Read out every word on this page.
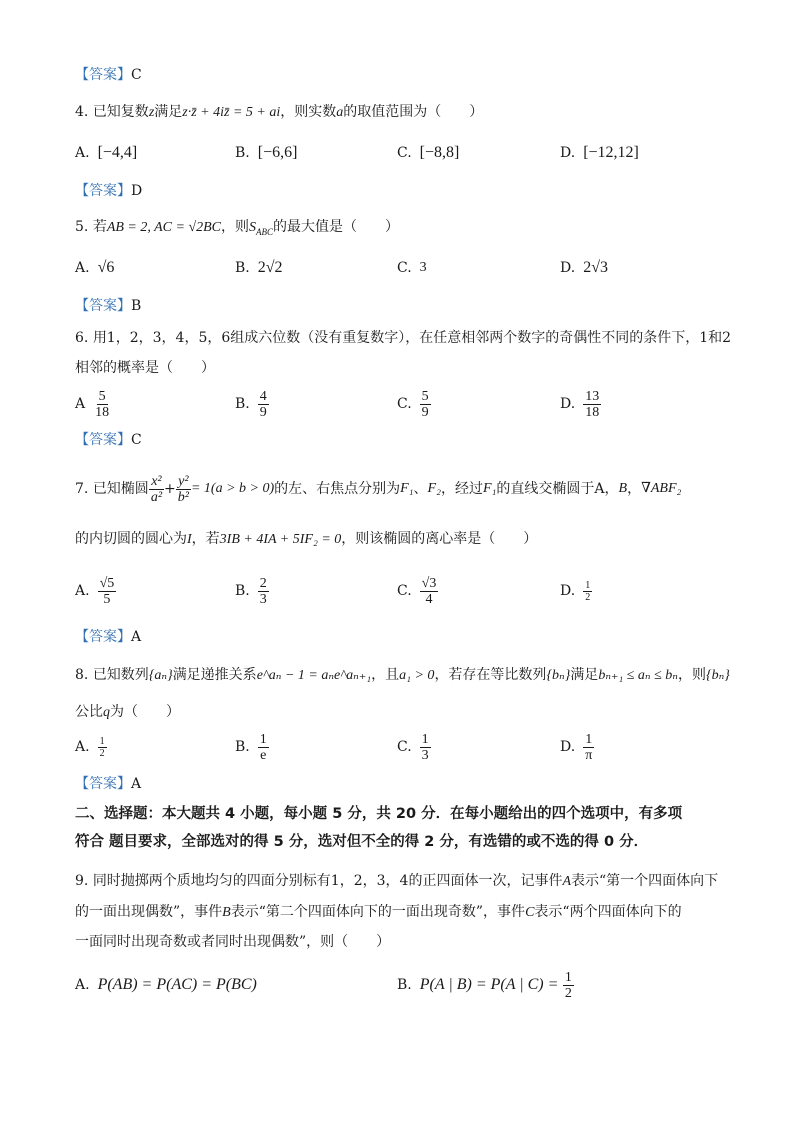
【答案】C
4. 已知复数z满足z·z̄ + 4iz̄ = 5 + ai，则实数a的取值范围为（　　）
A. [−4,4]	B. [−6,6]	C. [−8,8]	D. [−12,12]
【答案】D
5. 若AB = 2, AC = √2BC，则$S_{ABC}$的最大值是（　　）
A. √6	B. 2√2	C. 3	D. 2√3
【答案】B
6. 用1，2，3，4，5，6组成六位数（没有重复数字），在任意相邻两个数字的奇偶性不同的条件下，1和2
相邻的概率是（　　）
A $\frac{5}{18}$	B. $\frac{4}{9}$	C. $\frac{5}{9}$	D. $\frac{13}{18}$
【答案】C
7.
已知椭圆 $\frac{\text{x²}}{\text{a²}} + \frac{\text{y²}}{\text{b²}} = 1(a > b > 0)$ 的左、右焦点分别为 F₁ 、 F₂ ，经过 F₁ 的直线交椭圆于A， B ， ∇ABF₂
的内切圆的圆心为I，若3IB + 4IA + 5IF₂ = 0，则该椭圆的离心率是（　　）
A. $\frac{√5}{5}$	B. $\frac{2}{3}$	C. $\frac{√3}{4}$	D. $\frac{1}{2}$
【答案】A
8. 已知数列{aₙ}满足递推关系e^aₙ − 1 = aₙe^aₙ₊₁，且a₁ > 0，若存在等比数列{bₙ}满足bₙ₊₁ ≤ aₙ ≤ bₙ，则{bₙ}
公比q为（　　）
A. $\frac{1}{2}$	B. $\frac{1}{e}$	C. $\frac{1}{3}$	D. $\frac{1}{\pi}$
【答案】A
二、选择题：本大题共 4 小题，每小题 5 分，共 20 分．在每小题给出的四个选项中，有多项
符合 题目要求，全部选对的得 5 分，选对但不全的得 2 分，有选错的或不选的得 0 分．
9. 同时抛掷两个质地均匀的四面分别标有1，2，3，4的正四面体一次，记事件A表示“第一个四面体向下
的一面出现偶数”，事件B表示“第二个四面体向下的一面出现奇数”，事件C表示“两个四面体向下的
一面同时出现奇数或者同时出现偶数”，则（　　）
A. P(AB) = P(AC) = P(BC)	B. P(A | B) = P(A | C) =
$\frac{1}{2}$
